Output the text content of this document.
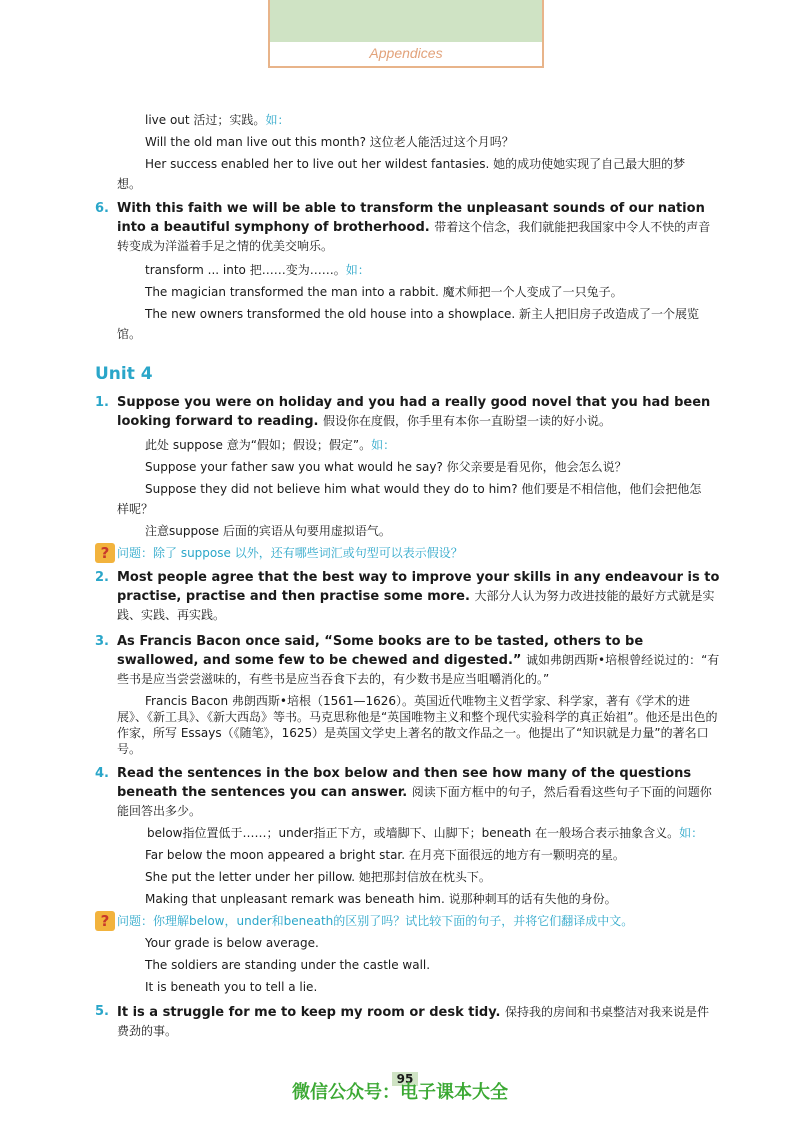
Appendices

live out 活过；实践。如：

Will the old man live out this month? 这位老人能活过这个月吗？

Her success enabled her to live out her wildest fantasies. 她的成功使她实现了自己最大胆的梦

想。

6. With this faith we will be able to transform the unpleasant sounds of our nation into a beautiful symphony of brotherhood. 带着这个信念，我们就能把我国家中令人不快的声音转变成为洋溢着手足之情的优美交响乐。

transform ... into 把……变为……。如：

The magician transformed the man into a rabbit. 魔术师把一个人变成了一只兔子。

The new owners transformed the old house into a showplace. 新主人把旧房子改造成了一个展览

馆。

Unit 4
1. Suppose you were on holiday and you had a really good novel that you had been looking forward to reading. 假设你在度假，你手里有本你一直盼望一读的好小说。

此处 suppose 意为“假如；假设；假定”。如：

Suppose your father saw you what would he say? 你父亲要是看见你，他会怎么说？

Suppose they did not believe him what would they do to him? 他们要是不相信他，他们会把他怎

样呢？

注意suppose 后面的宾语从句要用虚拟语气。

? 问题：除了 suppose 以外，还有哪些词汇或句型可以表示假设？
2. Most people agree that the best way to improve your skills in any endeavour is to practise, practise and then practise some more. 大部分人认为努力改进技能的最好方式就是实践、实践、再实践。
3. As Francis Bacon once said, “Some books are to be tasted, others to be swallowed, and some few to be chewed and digested.” 诚如弗朗西斯•培根曾经说过的：“有些书是应当尝尝滋味的，有些书是应当吞食下去的，有少数书是应当咀嚼消化的。”

Francis Bacon 弗朗西斯•培根（1561—1626）。英国近代唯物主义哲学家、科学家，著有《学术的进展》、《新工具》、《新大西岛》等书。马克思称他是“英国唯物主义和整个现代实验科学的真正始祖”。他还是出色的作家，所写 Essays（《随笔》，1625）是英国文学史上著名的散文作品之一。他提出了“知识就是力量”的著名口号。

4. Read the sentences in the box below and then see how many of the questions beneath the sentences you can answer. 阅读下面方框中的句子，然后看看这些句子下面的问题你能回答出多少。

below指位置低于……；under指正下方，或墙脚下、山脚下；beneath 在一般场合表示抽象含义。如：

Far below the moon appeared a bright star. 在月亮下面很远的地方有一颗明亮的星。

She put the letter under her pillow. 她把那封信放在枕头下。

Making that unpleasant remark was beneath him. 说那种刺耳的话有失他的身份。

? 问题：你理解below，under和beneath的区别了吗？试比较下面的句子，并将它们翻译成中文。

Your grade is below average.

The soldiers are standing under the castle wall.

It is beneath you to tell a lie.

5. It is a struggle for me to keep my room or desk tidy. 保持我的房间和书桌整洁对我来说是件费劲的事。
95
微信公众号：电子课本大全
